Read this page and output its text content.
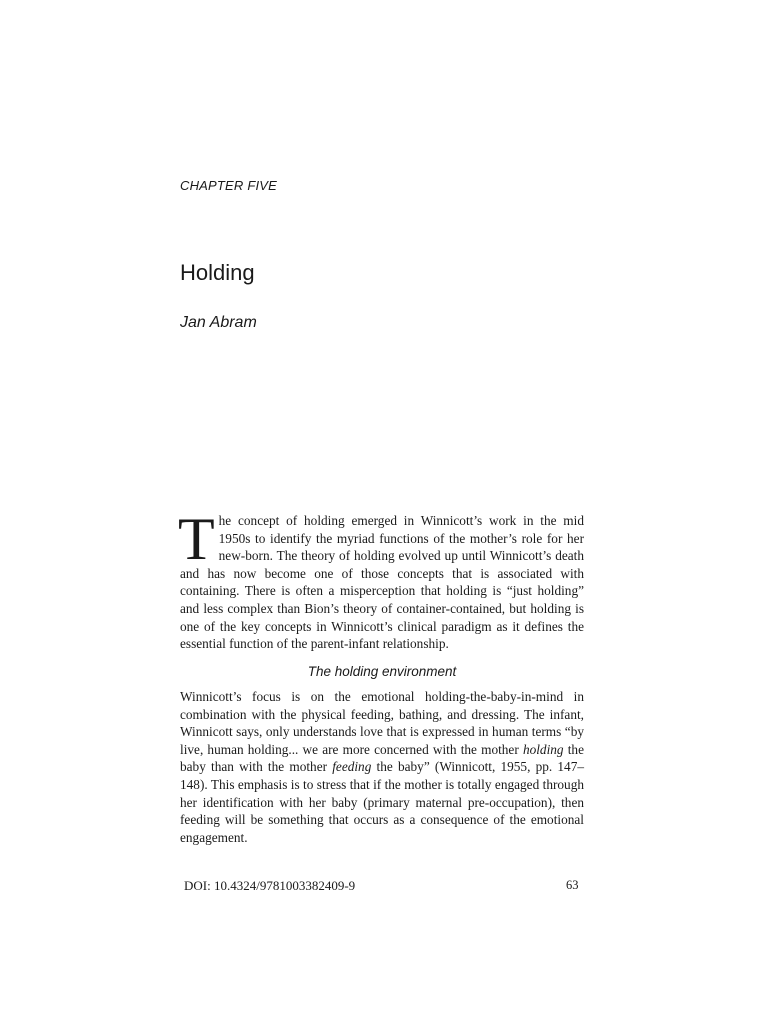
CHAPTER FIVE
Holding
Jan Abram

The concept of holding emerged in Winnicott’s work in the mid 1950s to identify the myriad functions of the mother’s role for her new-born. The theory of holding evolved up until Winnicott’s death and has now become one of those concepts that is associated with containing. There is often a misperception that holding is “just holding” and less complex than Bion’s theory of container-contained, but holding is one of the key concepts in Winnicott’s clinical paradigm as it defines the essential function of the parent-infant relationship.

The holding environment

Winnicott’s focus is on the emotional holding-the-baby-in-mind in combination with the physical feeding, bathing, and dressing. The infant, Winnicott says, only understands love that is expressed in human terms “by live, human holding... we are more concerned with the mother holding the baby than with the mother feeding the baby” (Winnicott, 1955, pp. 147–148). This emphasis is to stress that if the mother is totally engaged through her identification with her baby (primary maternal pre-occupation), then feeding will be something that occurs as a consequence of the emotional engagement.

DOI: 10.4324/9781003382409-9	63
